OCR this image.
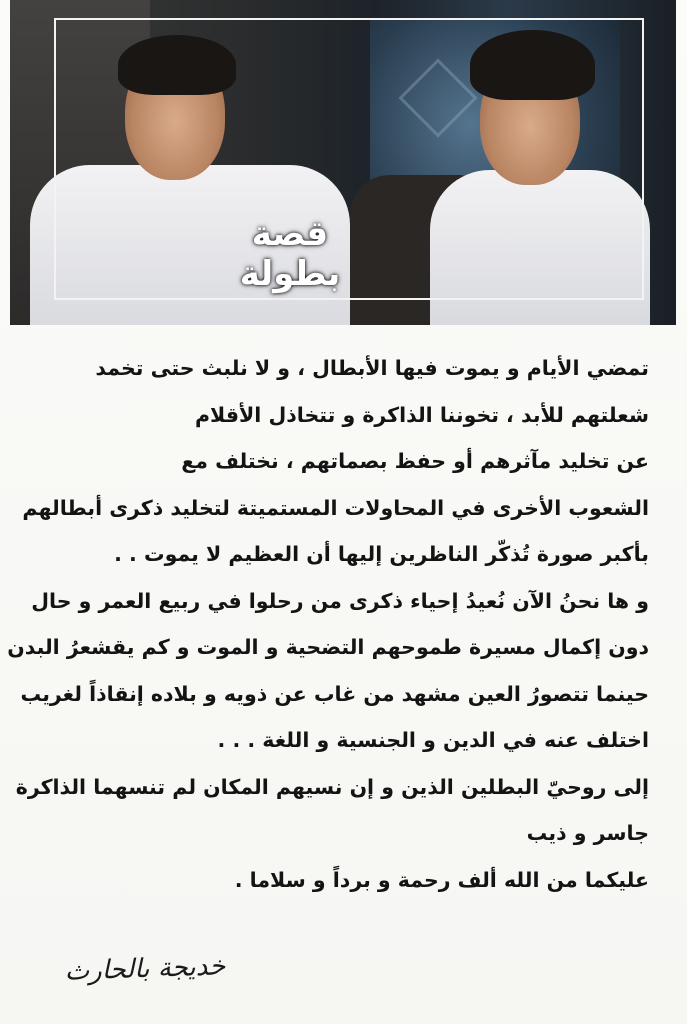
قصة بطولة
تمضي الأيام و يموت فيها الأبطال ، و لا نلبث حتى تخمد
شعلتهم للأبد ، تخوننا الذاكرة و تتخاذل الأقلام
عن تخليد مآثرهم أو حفظ بصماتهم ، نختلف مع
الشعوب الأخرى في المحاولات المستميتة لتخليد ذكرى أبطالهم
بأكبر صورة تُذكّر الناظرين إليها أن العظيم لا يموت . .
و ها نحنُ الآن نُعيدُ إحياء ذكرى من رحلوا في ربيع العمر و حال
دون إكمال مسيرة طموحهم التضحية و الموت و كم يقشعرُ البدن
حينما تتصورُ العين مشهد من غاب عن ذويه و بلاده إنقاذاً لغريب
اختلف عنه في الدين و الجنسية و اللغة . . .
إلى روحيّ البطلين الذين و إن نسيهم المكان لم تنسهما الذاكرة
جاسر و ذيب
عليكما من الله ألف رحمة و برداً و سلاما .
خديجة بالحارث
